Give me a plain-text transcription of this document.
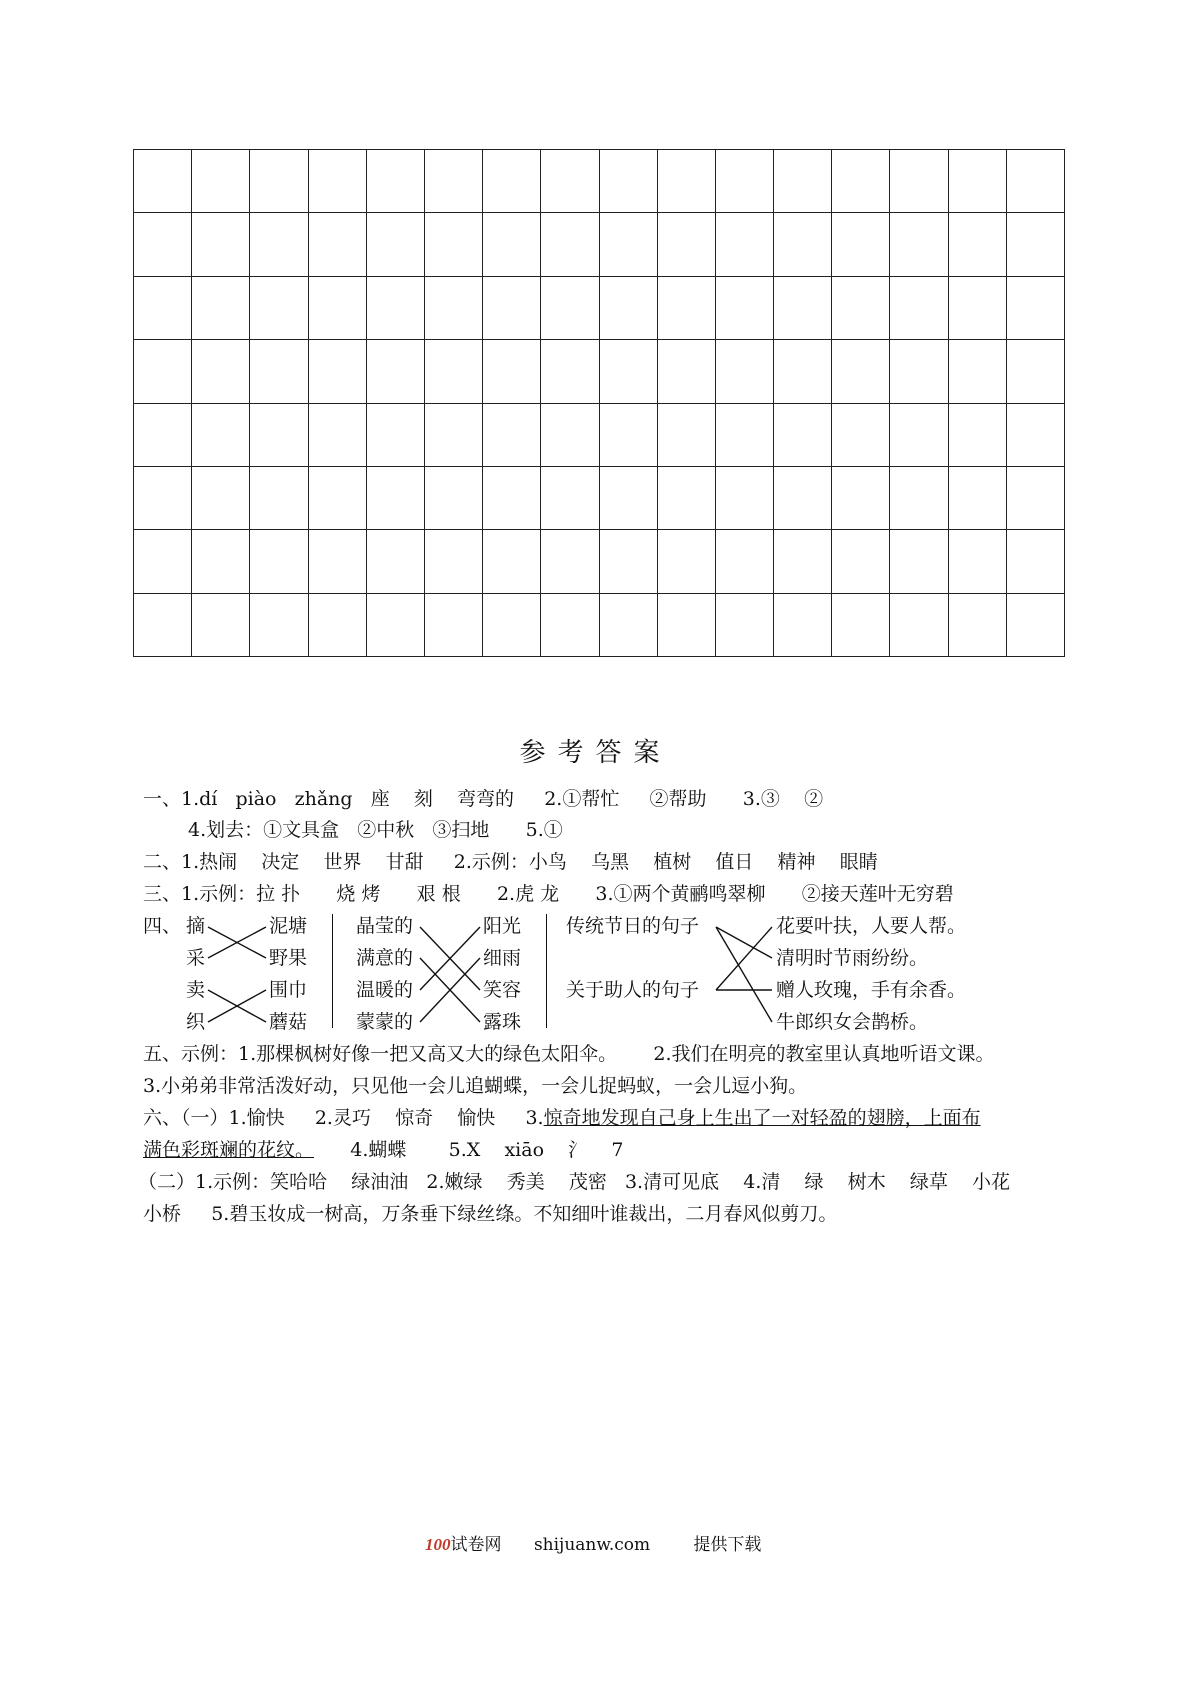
参考答案
一、1.dí   piào   zhǎng   座    刻    弯弯的     2.①帮忙     ②帮助      3.③    ②
4.划去：①文具盒   ②中秋   ③扫地      5.①
二、1.热闹    决定    世界    甘甜     2.示例：小鸟    乌黑    植树    值日    精神    眼睛
三、1.示例：拉 扑      烧 烤      艰 根      2.虎 龙      3.①两个黄鹂鸣翠柳      ②接天莲叶无穷碧
四、 摘
采
卖
织
泥塘
野果
围巾
蘑菇
晶莹的
满意的
温暖的
蒙蒙的
阳光
细雨
笑容
露珠
传统节日的句子
关于助人的句子
花要叶扶，人要人帮。
清明时节雨纷纷。
赠人玫瑰，手有余香。
牛郎织女会鹊桥。
五、示例：1.那棵枫树好像一把又高又大的绿色太阳伞。      2.我们在明亮的教室里认真地听语文课。
3.小弟弟非常活泼好动，只见他一会儿追蝴蝶，一会儿捉蚂蚁，一会儿逗小狗。
六、（一）1.愉快     2.灵巧    惊奇    愉快     3.惊奇地发现自己身上生出了一对轻盈的翅膀，上面布
满色彩斑斓的花纹。      4.蝴蝶       5.X    xiāo    氵    7
（二）1.示例：笑哈哈    绿油油   2.嫩绿    秀美    茂密   3.清可见底    4.清    绿    树木    绿草    小花
小桥     5.碧玉妆成一树高，万条垂下绿丝绦。不知细叶谁裁出，二月春风似剪刀。
100试卷网 shijuanw.com	提供下载
